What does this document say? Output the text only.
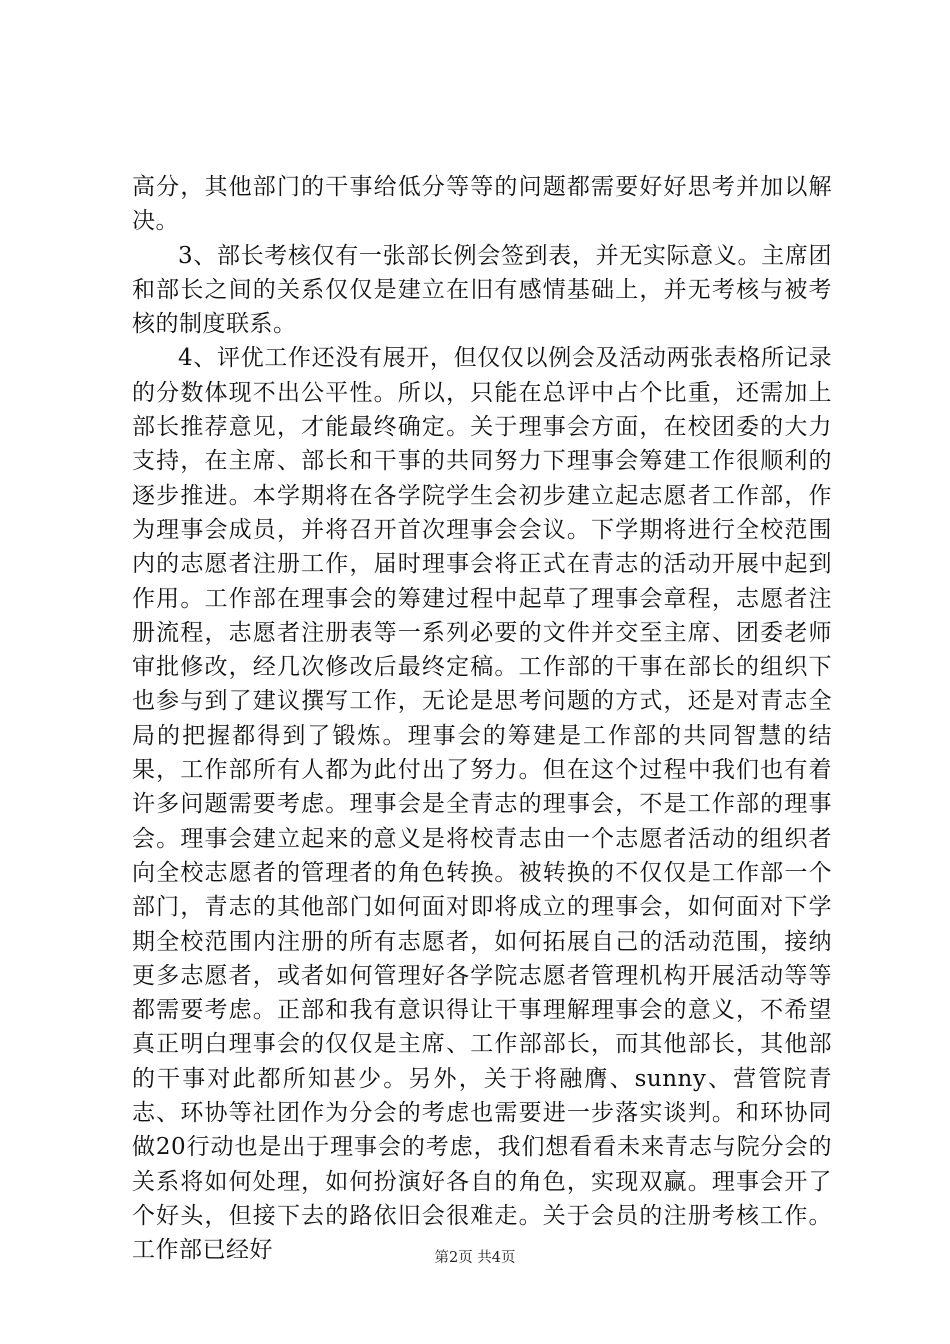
高分，其他部门的干事给低分等等的问题都需要好好思考并加以解决。

3、部长考核仅有一张部长例会签到表，并无实际意义。主席团和部长之间的关系仅仅是建立在旧有感情基础上，并无考核与被考核的制度联系。

4、评优工作还没有展开，但仅仅以例会及活动两张表格所记录的分数体现不出公平性。所以，只能在总评中占个比重，还需加上部长推荐意见，才能最终确定。关于理事会方面，在校团委的大力支持，在主席、部长和干事的共同努力下理事会筹建工作很顺利的逐步推进。本学期将在各学院学生会初步建立起志愿者工作部，作为理事会成员，并将召开首次理事会会议。下学期将进行全校范围内的志愿者注册工作，届时理事会将正式在青志的活动开展中起到作用。工作部在理事会的筹建过程中起草了理事会章程，志愿者注册流程，志愿者注册表等一系列必要的文件并交至主席、团委老师审批修改，经几次修改后最终定稿。工作部的干事在部长的组织下也参与到了建议撰写工作，无论是思考问题的方式，还是对青志全局的把握都得到了锻炼。理事会的筹建是工作部的共同智慧的结果，工作部所有人都为此付出了努力。但在这个过程中我们也有着许多问题需要考虑。理事会是全青志的理事会，不是工作部的理事会。理事会建立起来的意义是将校青志由一个志愿者活动的组织者向全校志愿者的管理者的角色转换。被转换的不仅仅是工作部一个部门，青志的其他部门如何面对即将成立的理事会，如何面对下学期全校范围内注册的所有志愿者，如何拓展自己的活动范围，接纳更多志愿者，或者如何管理好各学院志愿者管理机构开展活动等等都需要考虑。正部和我有意识得让干事理解理事会的意义，不希望真正明白理事会的仅仅是主席、工作部部长，而其他部长，其他部的干事对此都所知甚少。另外，关于将融膺、sunny、营管院青志、环协等社团作为分会的考虑也需要进一步落实谈判。和环协同做20行动也是出于理事会的考虑，我们想看看未来青志与院分会的关系将如何处理，如何扮演好各自的角色，实现双赢。理事会开了个好头，但接下去的路依旧会很难走。关于会员的注册考核工作。工作部已经好	第2页 共4页
